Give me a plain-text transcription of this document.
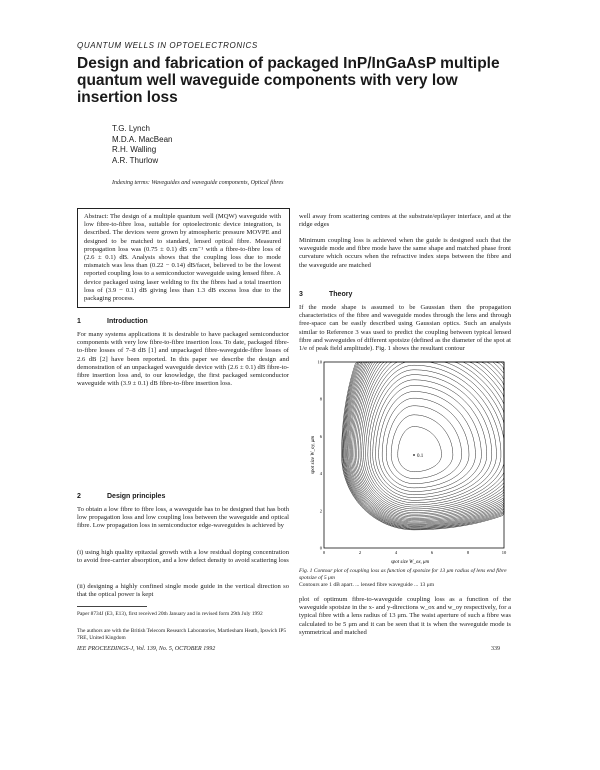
QUANTUM WELLS IN OPTOELECTRONICS
Design and fabrication of packaged InP/InGaAsP multiple quantum well waveguide components with very low insertion loss
T.G. Lynch
M.D.A. MacBean
R.H. Walling
A.R. Thurlow
Indexing terms: Waveguides and waveguide components, Optical fibres

Abstract: The design of a multiple quantum well (MQW) waveguide with low fibre-to-fibre loss, suitable for optoelectronic device integration, is described. The devices were grown by atmospheric pressure MOVPE and designed to be matched to standard, lensed optical fibre. Measured propagation loss was (0.75 ± 0.1) dB cm⁻¹ with a fibre-to-fibre loss of (2.6 ± 0.1) dB. Analysis shows that the coupling loss due to mode mismatch was less than (0.22 − 0.14) dB/facet, believed to be the lowest reported coupling loss to a semiconductor waveguide using lensed fibre. A device packaged using laser welding to fix the fibres had a total insertion loss of (3.9 − 0.1) dB giving less than 1.3 dB excess loss due to the packaging process.

1	Introduction

For many systems applications it is desirable to have packaged semiconductor components with very low fibre-to-fibre insertion loss. To date, packaged fibre-to-fibre losses of 7–8 dB [1] and unpackaged fibre-waveguide-fibre losses of 2.6 dB [2] have been reported. In this paper we describe the design and demonstration of an unpackaged waveguide device with (2.6 ± 0.1) dB fibre-to-fibre insertion loss and, to our knowledge, the first packaged semiconductor waveguide with (3.9 ± 0.1) dB fibre-to-fibre insertion loss.

2	Design principles

To obtain a low fibre to fibre loss, a waveguide has to be designed that has both low propagation loss and low coupling loss between the waveguide and optical fibre. Low propagation loss in semiconductor edge-waveguides is achieved by

(i) using high quality epitaxial growth with a low residual doping concentration to avoid free-carrier absorption, and a low defect density to avoid scattering loss

(ii) designing a highly confined single mode guide in the vertical direction so that the optical power is kept

Paper 8734J (E3, E13), first received 20th January and in revised form 29th July 1992
The authors are with the British Telecom Research Laboratories, Martlesham Heath, Ipswich IP5 7RE, United Kingdom

well away from scattering centres at the substrate/epilayer interface, and at the ridge edges

Minimum coupling loss is achieved when the guide is designed such that the waveguide mode and fibre mode have the same shape and matched phase front curvature which occurs when the refractive index steps between the fibre and the waveguide are matched

3	Theory

If the mode shape is assumed to be Gaussian then the propagation characteristics of the fibre and waveguide modes through the lens and through free-space can be easily described using Gaussian optics. Such an analysis similar to Reference 3 was used to predict the coupling between typical lensed fibre and waveguides of different spotsize (defined as the diameter of the spot at 1/e of peak field amplitude). Fig. 1 shows the resultant contour

0	2	4	6	8	10
0
2
4
6
8
10
spot size W_ox, μm
spot size W_oy, μm	0.1
Fig. 1 Contour plot of coupling loss as function of spotsize for 13 μm radius of lens end fibre spotsize of 5 μm
Contours are 1 dB apart. ... lensed fibre waveguide ... 13 μm

plot of optimum fibre-to-waveguide coupling loss as a function of the waveguide spotsize in the x- and y-directions w_ox and w_oy respectively, for a typical fibre with a lens radius of 13 μm. The waist aperture of such a fibre was calculated to be 5 μm and it can be seen that it is when the waveguide mode is symmetrical and matched

IEE PROCEEDINGS-J, Vol. 139, No. 5, OCTOBER 1992	339
